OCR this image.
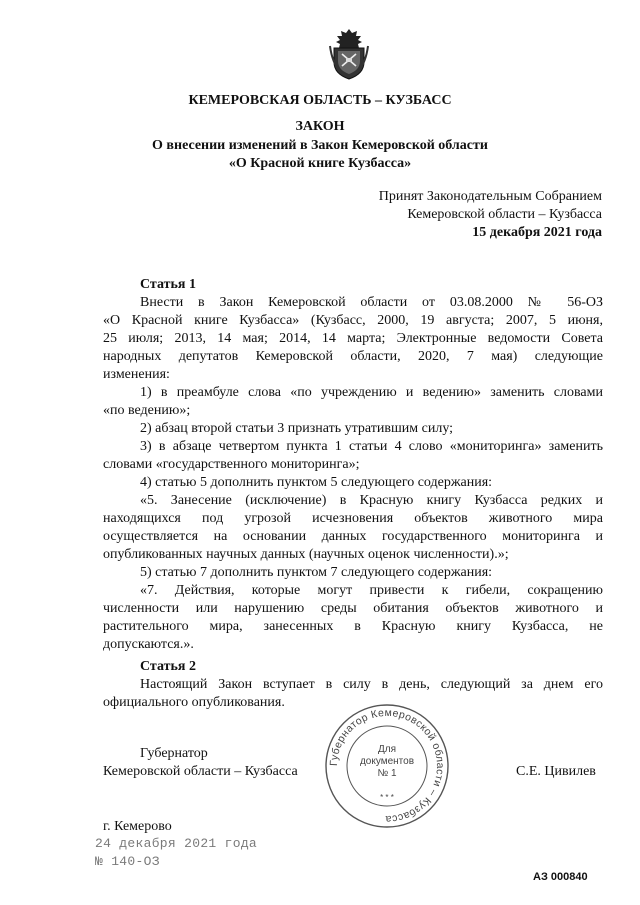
КЕМЕРОВСКАЯ ОБЛАСТЬ – КУЗБАСС
ЗАКОН
О внесении изменений в Закон Кемеровской области
«О Красной книге Кузбасса»
Принят Законодательным Собранием
Кемеровской области – Кузбасса
15 декабря 2021 года
Статья 1
Внести в Закон Кемеровской области от 03.08.2000 № 56-ОЗ
«О Красной книге Кузбасса» (Кузбасс, 2000, 19 августа; 2007, 5 июня,
25 июля; 2013, 14 мая; 2014, 14 марта; Электронные ведомости Совета
народных депутатов Кемеровской области, 2020, 7 мая) следующие
изменения:
1) в преамбуле слова «по учреждению и ведению» заменить словами
«по ведению»;
2) абзац второй статьи 3 признать утратившим силу;
3) в абзаце четвертом пункта 1 статьи 4 слово «мониторинга» заменить
словами «государственного мониторинга»;
4) статью 5 дополнить пунктом 5 следующего содержания:
«5. Занесение (исключение) в Красную книгу Кузбасса редких и
находящихся под угрозой исчезновения объектов животного мира
осуществляется на основании данных государственного мониторинга и
опубликованных научных данных (научных оценок численности).»;
5) статью 7 дополнить пунктом 7 следующего содержания:
«7. Действия, которые могут привести к гибели, сокращению
численности или нарушению среды обитания объектов животного и
растительного мира, занесенных в Красную книгу Кузбасса, не
допускаются.».
Статья 2
Настоящий Закон вступает в силу в день, следующий за днем его
официального опубликования.
Губернатор
Кемеровской области – Кузбасса	С.Е. Цивилев
Губернатор Кемеровской области – Кузбасса
Для
документов
№ 1
* * *
г. Кемерово
24 декабря 2021 года
№ 140-ОЗ
АЗ 000840
